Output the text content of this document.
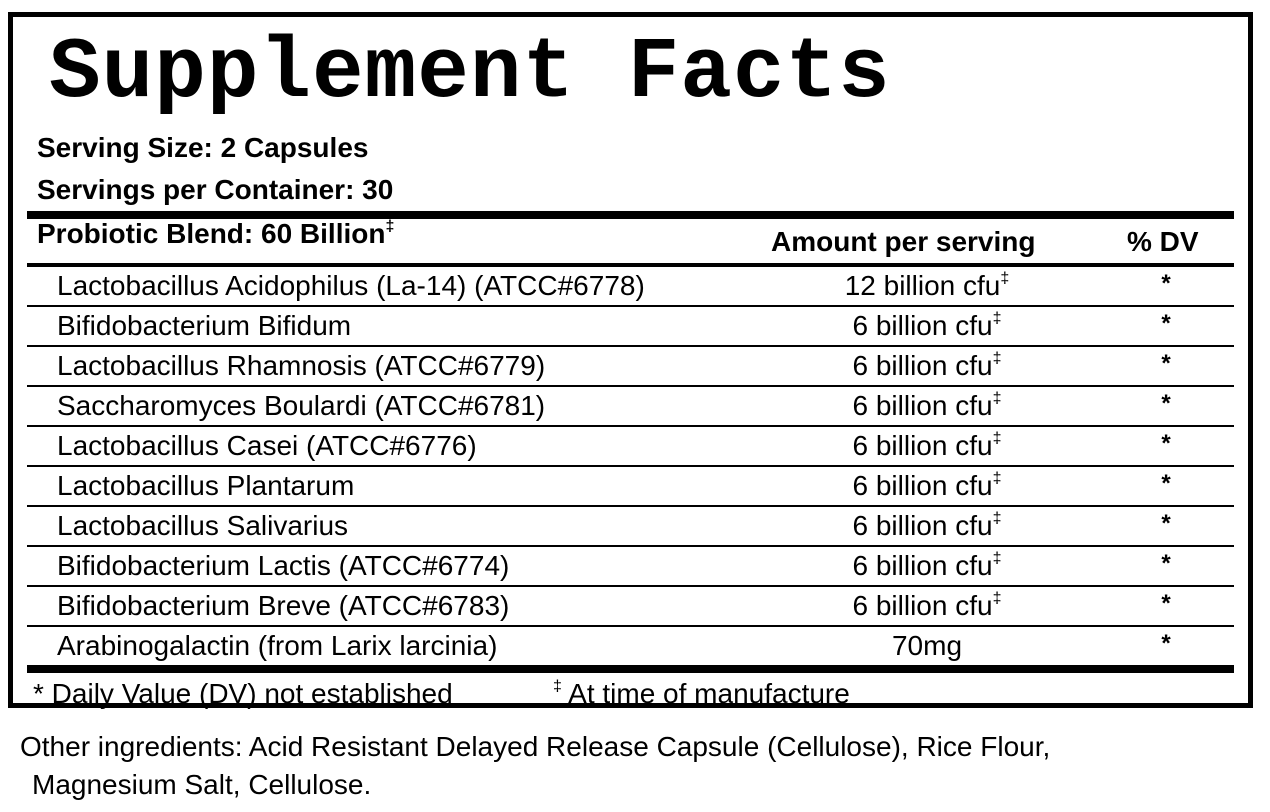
Supplement Facts
Serving Size: 2 Capsules
Servings per Container: 30
Probiotic Blend: 60 Billion‡	Amount per serving	% DV
Lactobacillus Acidophilus (La-14) (ATCC#6778)	12 billion cfu‡	*
Bifidobacterium Bifidum	6 billion cfu‡	*
Lactobacillus Rhamnosis (ATCC#6779)	6 billion cfu‡	*
Saccharomyces Boulardi (ATCC#6781)	6 billion cfu‡	*
Lactobacillus Casei (ATCC#6776)	6 billion cfu‡	*
Lactobacillus Plantarum	6 billion cfu‡	*
Lactobacillus Salivarius	6 billion cfu‡	*
Bifidobacterium Lactis (ATCC#6774)	6 billion cfu‡	*
Bifidobacterium Breve (ATCC#6783)	6 billion cfu‡	*
Arabinogalactin (from Larix larcinia)	70mg	*
* Daily Value (DV) not established	‡ At time of manufacture
Other ingredients: Acid Resistant Delayed Release Capsule (Cellulose), Rice Flour,
Magnesium Salt, Cellulose.
